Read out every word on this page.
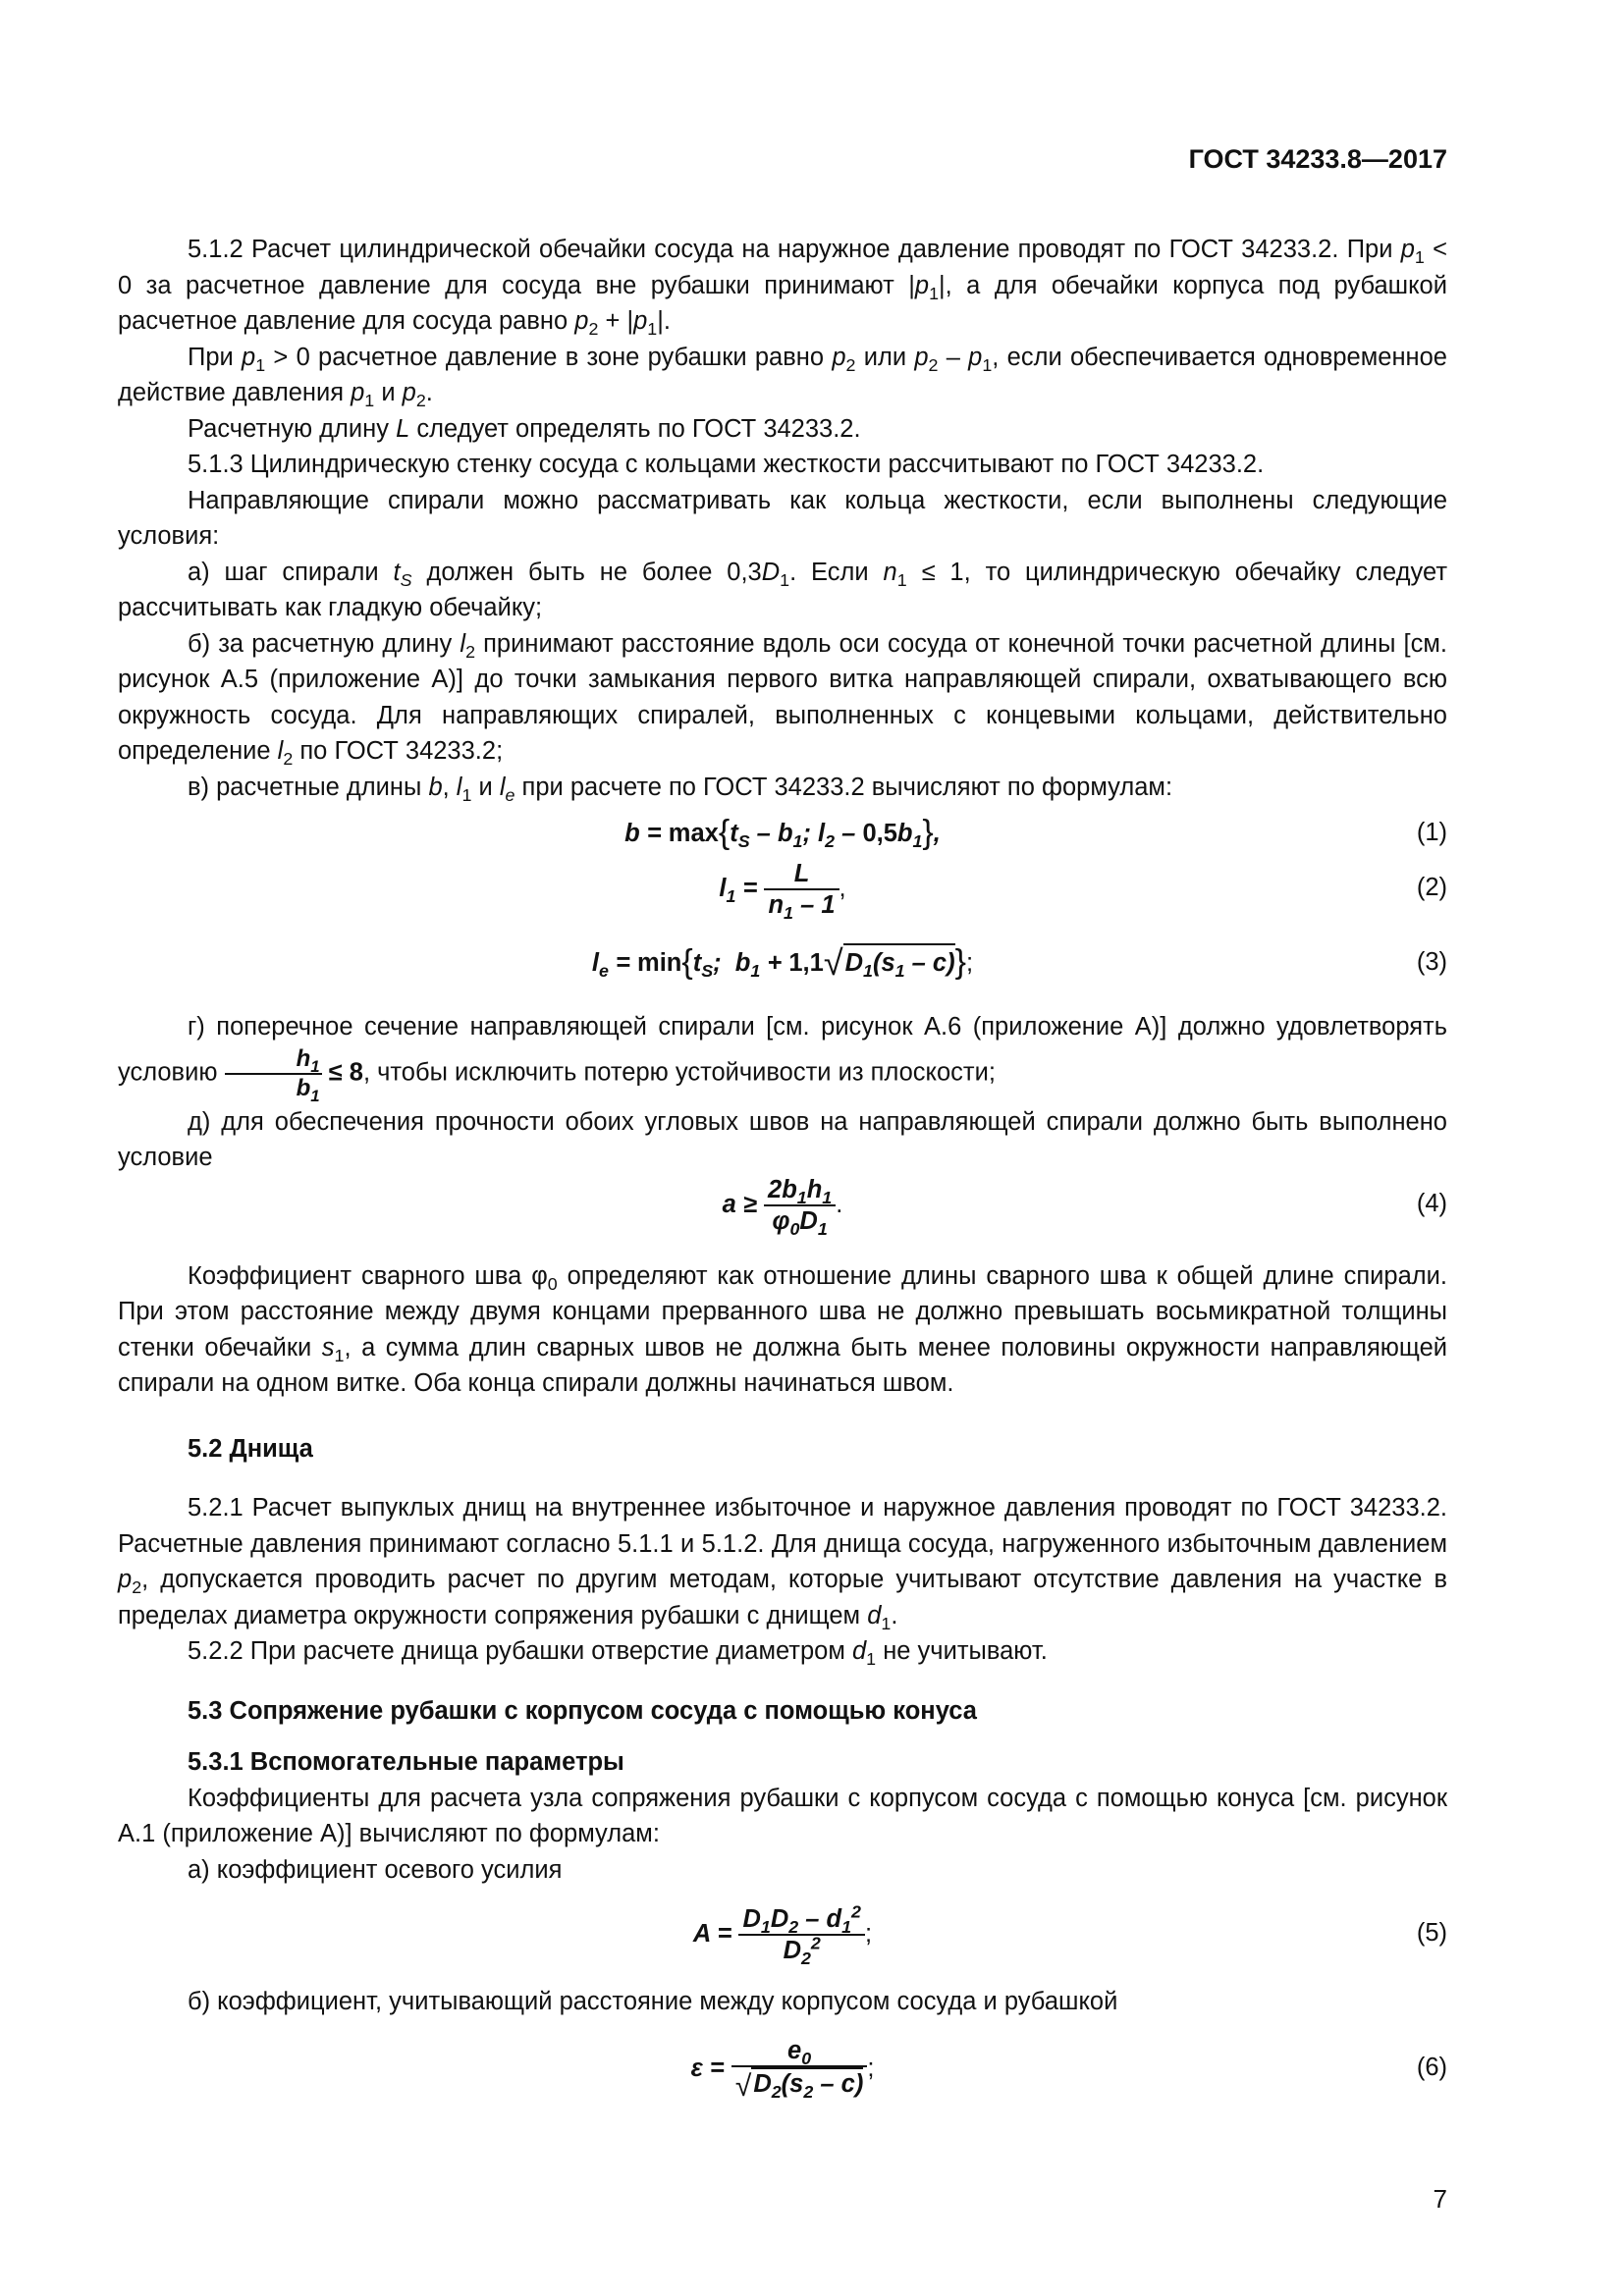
ГОСТ 34233.8—2017

5.1.2 Расчет цилиндрической обечайки сосуда на наружное давление проводят по ГОСТ 34233.2. При $p_1 < 0$ за расчетное давление для сосуда вне рубашки принимают $|p_1|$, а для обечайки корпуса под рубашкой расчетное давление для сосуда равно $p_2 + |p_1|$.

При $p_1 > 0$ расчетное давление в зоне рубашки равно $p_2$ или $p_2 - p_1$, если обеспечивается одновременное действие давления $p_1$ и $p_2$.

Расчетную длину L следует определять по ГОСТ 34233.2.

5.1.3 Цилиндрическую стенку сосуда с кольцами жесткости рассчитывают по ГОСТ 34233.2.

Направляющие спирали можно рассматривать как кольца жесткости, если выполнены следующие условия:

а) шаг спирали $t_S$ должен быть не более $0,3D_1$. Если $n_1 \le 1$, то цилиндрическую обечайку следует рассчитывать как гладкую обечайку;

б) за расчетную длину $l_2$ принимают расстояние вдоль оси сосуда от конечной точки расчетной длины [см. рисунок А.5 (приложение А)] до точки замыкания первого витка направляющей спирали, охватывающего всю окружность сосуда. Для направляющих спиралей, выполненных с концевыми кольцами, действительно определение $l_2$ по ГОСТ 34233.2;

в) расчетные длины b, $l_1$ и $l_e$ при расчете по ГОСТ 34233.2 вычисляют по формулам:

$b = \max\{t_S - b_1$; $l_2 - 0,5b_1$},	(1)
$l_1 = \frac{L}{n_1 - 1}$ ,	(2)
$l_e = \min\{t_S$;  $b_1 + 1,1√D_1(s_1 - c)$};	(3)

г) поперечное сечение направляющей спирали [см. рисунок А.6 (приложение А)] должно удовлетворять условию $\frac{h_1}{b_1} \le 8$, чтобы исключить потерю устойчивости из плоскости;

д) для обеспечения прочности обоих угловых швов на направляющей спирали должно быть выполнено условие

$a \ge \frac{2b_1h_1}{\varphi_0D_1}$ .	(4)

Коэффициент сварного шва $\varphi_0$ определяют как отношение длины сварного шва к общей длине спирали. При этом расстояние между двумя концами прерванного шва не должно превышать восьмикратной толщины стенки обечайки $s_1$, а сумма длин сварных швов не должна быть менее половины окружности направляющей спирали на одном витке. Оба конца спирали должны начинаться швом.

5.2 Днища

5.2.1 Расчет выпуклых днищ на внутреннее избыточное и наружное давления проводят по ГОСТ 34233.2. Расчетные давления принимают согласно 5.1.1 и 5.1.2. Для днища сосуда, нагруженного избыточным давлением $p_2$, допускается проводить расчет по другим методам, которые учитывают отсутствие давления на участке в пределах диаметра окружности сопряжения рубашки с днищем $d_1$.

5.2.2 При расчете днища рубашки отверстие диаметром $d_1$ не учитывают.

5.3 Сопряжение рубашки с корпусом сосуда с помощью конуса

5.3.1 Вспомогательные параметры

Коэффициенты для расчета узла сопряжения рубашки с корпусом сосуда с помощью конуса [см. рисунок А.1 (приложение А)] вычисляют по формулам:

а) коэффициент осевого усилия

$A = \frac{D_1D_2 - d_1^2}{D_2^2}$ ;	(5)

б) коэффициент, учитывающий расстояние между корпусом сосуда и рубашкой

$\varepsilon = \frac{e_0}{√D_2(s_2 - c)}$ ;	(6)
7
